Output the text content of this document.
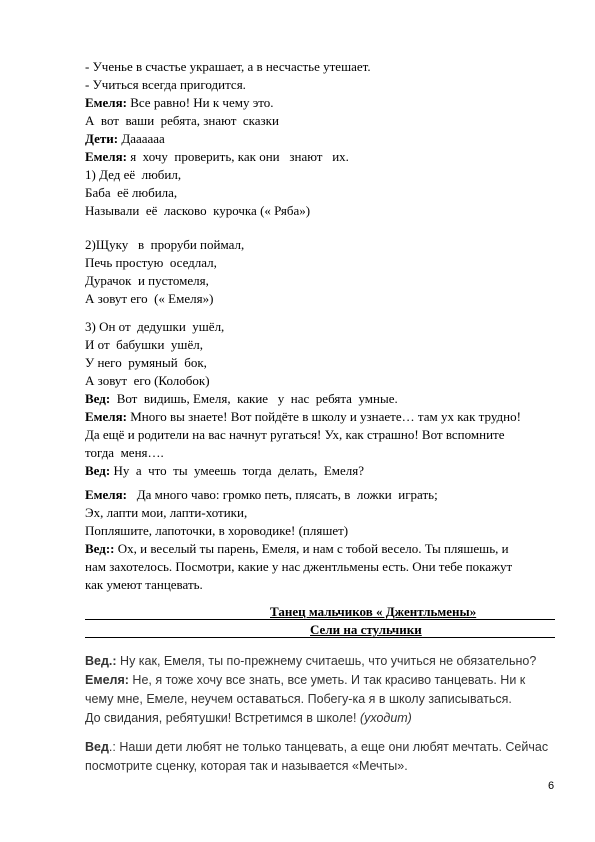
- Ученье в счастье украшает, а в несчастье утешает.
- Учиться всегда пригодится.
Емеля: Все равно! Ни к чему это.
А  вот  ваши  ребята, знают  сказки
Дети: Даааааа
Емеля: я  хочу  проверить, как они   знают   их.
1) Дед её  любил,
Баба  её любила,
Называли  её  ласково  курочка (« Ряба»)
2)Щуку   в  проруби поймал,
Печь простую  оседлал,
Дурачок  и пустомеля,
А зовут его  (« Емеля»)
3) Он от  дедушки  ушёл,
И от  бабушки  ушёл,
У него  румяный  бок,
А зовут  его (Колобок)
Вед:  Вот  видишь, Емеля,  какие   у  нас  ребята  умные.
Емеля: Много вы знаете! Вот пойдёте в школу и узнаете… там ух как трудно!
Да ещё и родители на вас начнут ругаться! Ух, как страшно! Вот вспомните
тогда  меня….
Вед: Ну  а  что  ты  умеешь  тогда  делать,  Емеля?
Емеля:   Да много чаво: громко петь, плясать, в  ложки  играть;
Эх, лапти мои, лапти-хотики,
Попляшите, лапоточки, в хороводике! (пляшет)
Вед:: Ох, и веселый ты парень, Емеля, и нам с тобой весело. Ты пляшешь, и
нам захотелось. Посмотри, какие у нас джентльмены есть. Они тебе покажут
как умеют танцевать.
Танец мальчиков « Джентльмены»
Сели на стульчики
Вед.: Ну как, Емеля, ты по-прежнему считаешь, что учиться не обязательно?
Емеля: Не, я тоже хочу все знать, все уметь. И так красиво танцевать. Ни к чему мне, Емеле, неучем оставаться. Побегу-ка я в школу записываться.
До свидания, ребятушки! Встретимся в школе! (уходит)
Вед.: Наши дети любят не только танцевать, а еще они любят мечтать. Сейчас посмотрите сценку, которая так и называется «Мечты».
6
